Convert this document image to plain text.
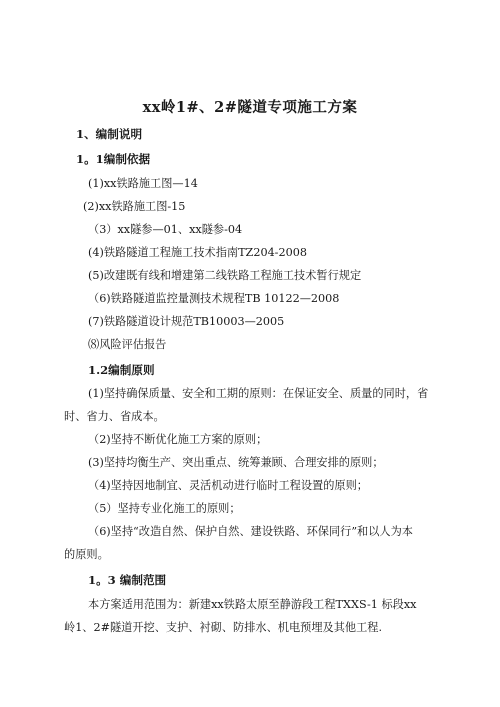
xx岭1#、2#隧道专项施工方案
1、编制说明
1。1编制依据
(1)xx铁路施工图—14
(2)xx铁路施工图-15
（3）xx隧参—01、xx隧参-04
(4)铁路隧道工程施工技术指南TZ204-2008
(5)改建既有线和增建第二线铁路工程施工技术暂行规定
（6)铁路隧道监控量测技术规程TB 10122—2008
(7)铁路隧道设计规范TB10003—2005
⑻风险评估报告
1.2编制原则
(1)坚持确保质量、安全和工期的原则：在保证安全、质量的同时，省
时、省力、省成本。
（2)坚持不断优化施工方案的原则；
(3)坚持均衡生产、突出重点、统筹兼顾、合理安排的原则；
（4)坚持因地制宜、灵活机动进行临时工程设置的原则；
（5）坚持专业化施工的原则；
（6)坚持“改造自然、保护自然、建设铁路、环保同行”和以人为本
的原则。
1。3 编制范围
本方案适用范围为：新建xx铁路太原至静游段工程TXXS-1 标段xx
岭1、2#隧道开挖、支护、衬砌、防排水、机电预埋及其他工程.
